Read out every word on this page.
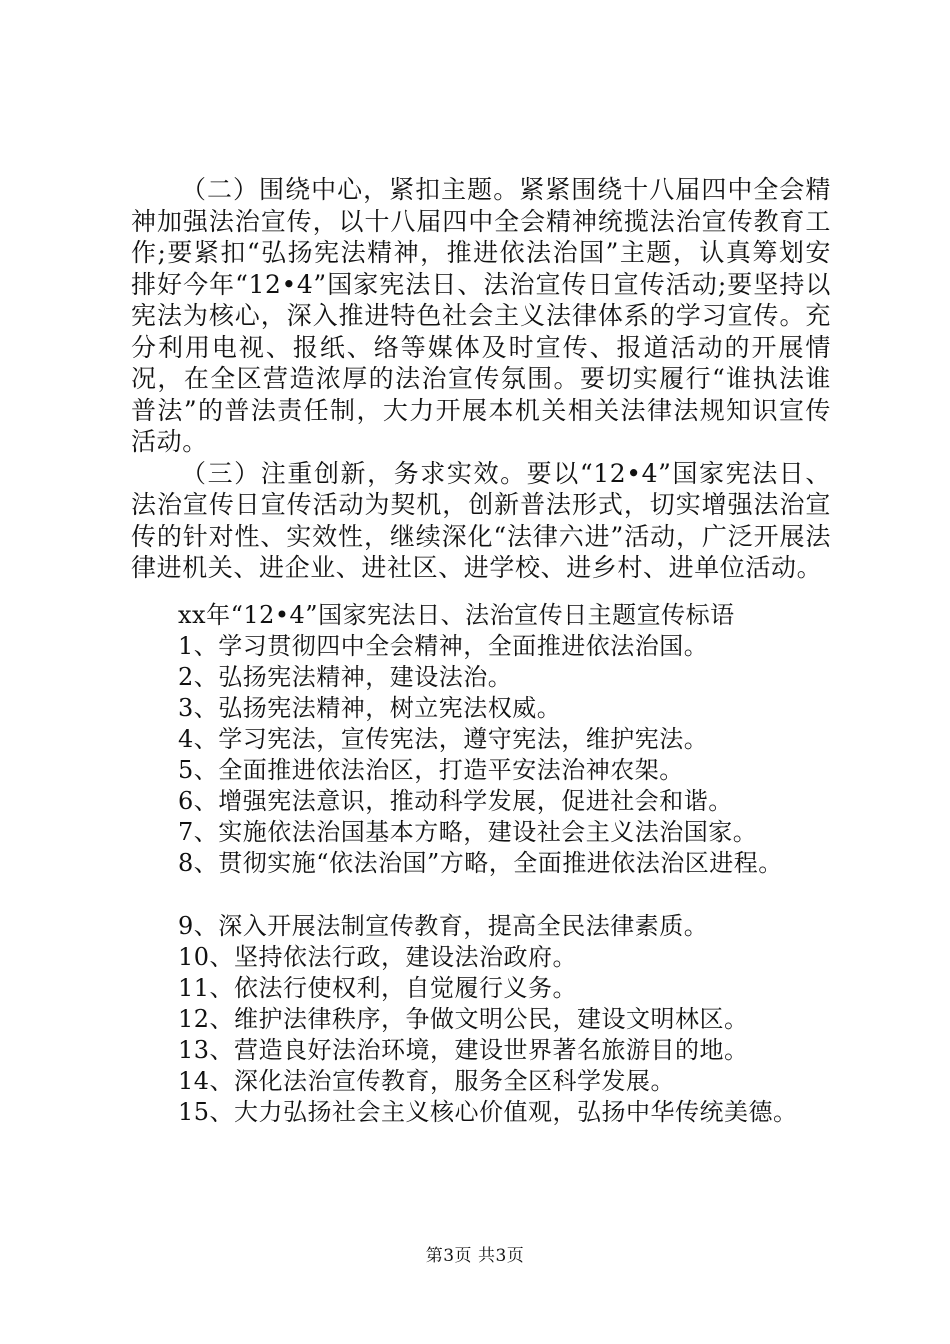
（二）围绕中心，紧扣主题。紧紧围绕十八届四中全会精神加强法治宣传，以十八届四中全会精神统揽法治宣传教育工作;要紧扣“弘扬宪法精神，推进依法治国”主题，认真筹划安排好今年“12•4”国家宪法日、法治宣传日宣传活动;要坚持以宪法为核心，深入推进特色社会主义法律体系的学习宣传。充分利用电视、报纸、络等媒体及时宣传、报道活动的开展情况，在全区营造浓厚的法治宣传氛围。要切实履行“谁执法谁普法”的普法责任制，大力开展本机关相关法律法规知识宣传活动。

（三）注重创新，务求实效。要以“12•4”国家宪法日、法治宣传日宣传活动为契机，创新普法形式，切实增强法治宣传的针对性、实效性，继续深化“法律六进”活动，广泛开展法律进机关、进企业、进社区、进学校、进乡村、进单位活动。

xx年“12•4”国家宪法日、法治宣传日主题宣传标语
1、学习贯彻四中全会精神，全面推进依法治国。
2、弘扬宪法精神，建设法治。
3、弘扬宪法精神，树立宪法权威。
4、学习宪法，宣传宪法，遵守宪法，维护宪法。
5、全面推进依法治区，打造平安法治神农架。
6、增强宪法意识，推动科学发展，促进社会和谐。
7、实施依法治国基本方略，建设社会主义法治国家。
8、贯彻实施“依法治国”方略，全面推进依法治区进程。
9、深入开展法制宣传教育，提高全民法律素质。
10、坚持依法行政，建设法治政府。
11、依法行使权利，自觉履行义务。
12、维护法律秩序，争做文明公民，建设文明林区。
13、营造良好法治环境，建设世界著名旅游目的地。
14、深化法治宣传教育，服务全区科学发展。
15、大力弘扬社会主义核心价值观，弘扬中华传统美德。
第3页 共3页
